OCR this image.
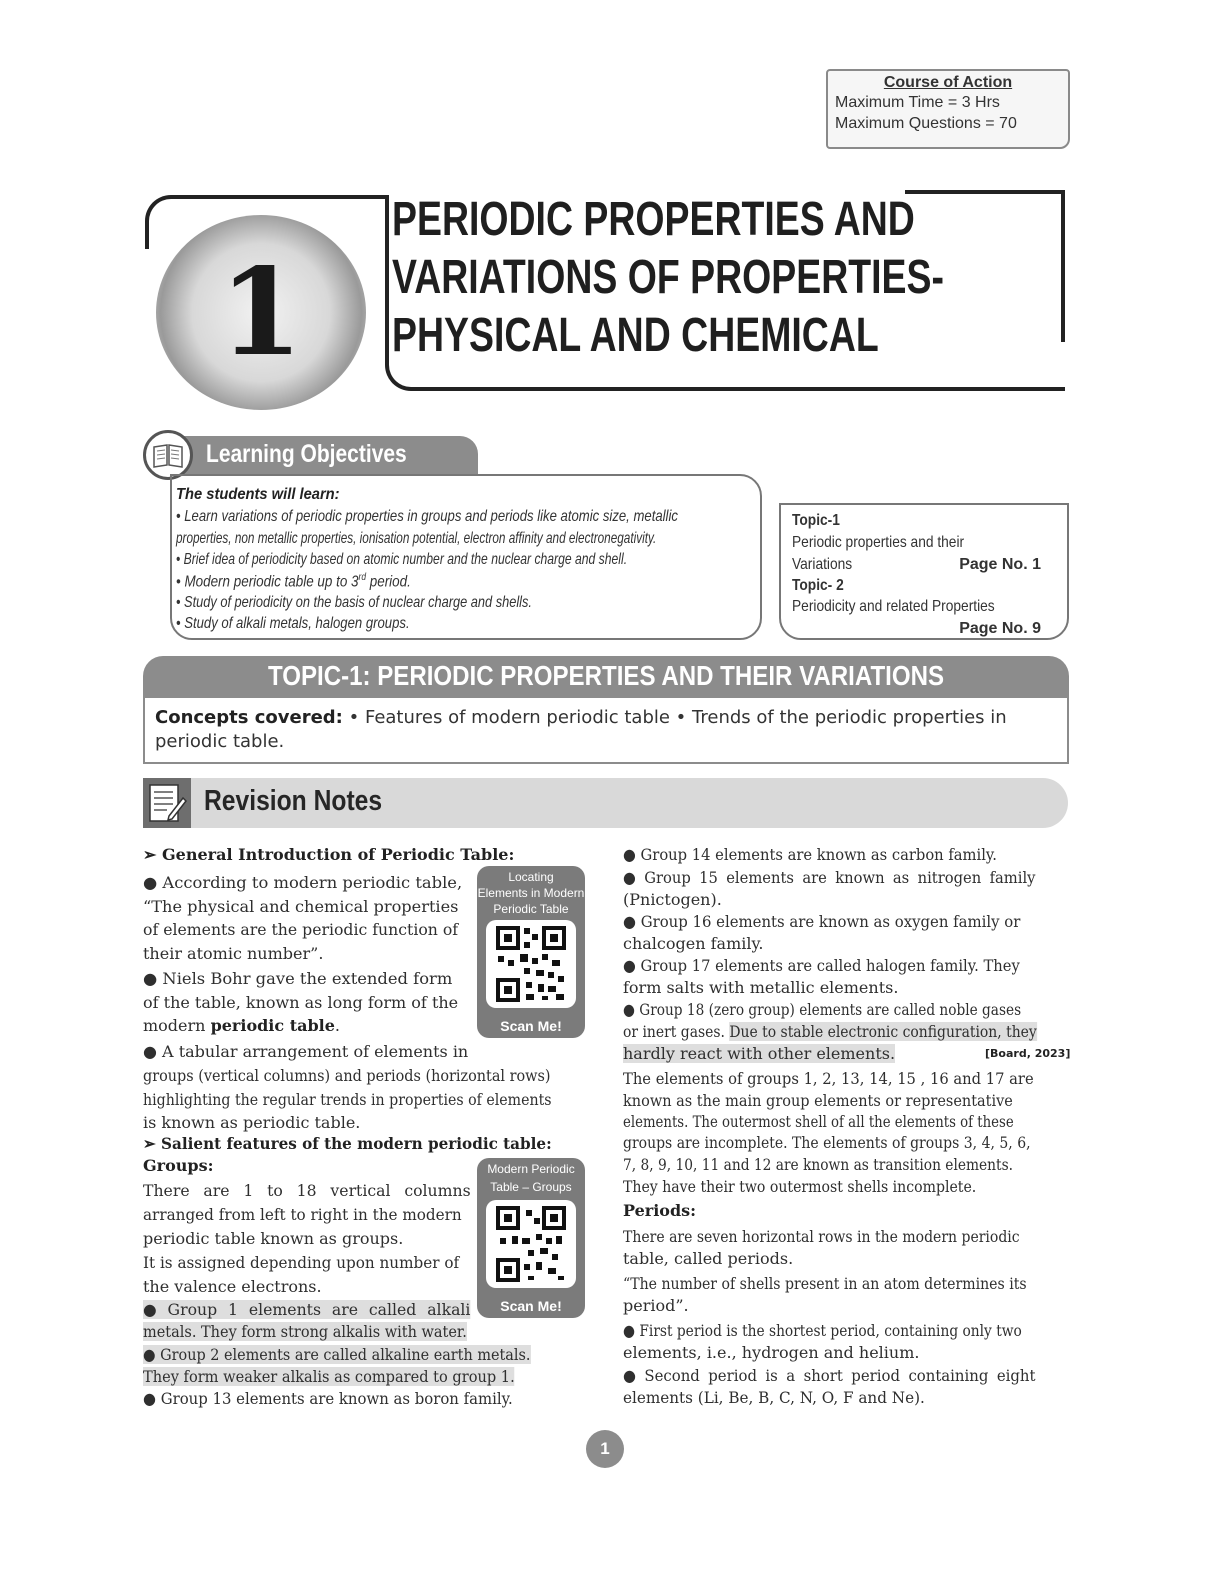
Course of Action
Maximum Time = 3 Hrs
Maximum Questions = 70
1
PERIODIC PROPERTIES AND
VARIATIONS OF PROPERTIES-
PHYSICAL AND CHEMICAL
Learning Objectives
The students will learn:
• Learn variations of periodic properties in groups and periods like atomic size, metallic
properties, non metallic properties, ionisation potential, electron affinity and electronegativity.
• Brief idea of periodicity based on atomic number and the nuclear charge and shell.
• Modern periodic table up to 3rd period.
• Study of periodicity on the basis of nuclear charge and shells.
• Study of alkali metals, halogen groups.
Topic-1
Periodic properties and their
Variations	Page No. 1
Topic- 2
Periodicity and related Properties
Page No. 9
TOPIC-1: PERIODIC PROPERTIES AND THEIR VARIATIONS
Concepts covered: • Features of modern periodic table • Trends of the periodic properties in
periodic table.
Revision Notes
Locating
Elements in Modern
Periodic Table
Scan Me!
Modern Periodic
Table – Groups
Scan Me!
➢ General Introduction of Periodic Table:
● According to modern periodic table,
“The physical and chemical properties
of elements are the periodic function of
their atomic number”.
● Niels Bohr gave the extended form
of the table, known as long form of the
modern periodic table.
● A tabular arrangement of elements in
groups (vertical columns) and periods (horizontal rows)
highlighting the regular trends in properties of elements
is known as periodic table.
➢ Salient features of the modern periodic table:
Groups:
There are 1 to 18 vertical columns
arranged from left to right in the modern
periodic table known as groups.
It is assigned depending upon number of
the valence electrons.
● Group 1 elements are called alkali
metals. They form strong alkalis with water.
● Group 2 elements are called alkaline earth metals.
They form weaker alkalis as compared to group 1.
● Group 13 elements are known as boron family.
● Group 14 elements are known as carbon family.
● Group 15 elements are known as nitrogen family
(Pnictogen).
● Group 16 elements are known as oxygen family or
chalcogen family.
● Group 17 elements are called halogen family. They
form salts with metallic elements.
● Group 18 (zero group) elements are called noble gases
or inert gases. Due to stable electronic configuration, they
hardly react with other elements.	[Board, 2023]
The elements of groups 1, 2, 13, 14, 15 , 16 and 17 are
known as the main group elements or representative
elements. The outermost shell of all the elements of these
groups are incomplete. The elements of groups 3, 4, 5, 6,
7, 8, 9, 10, 11 and 12 are known as transition elements.
They have their two outermost shells incomplete.
Periods:
There are seven horizontal rows in the modern periodic
table, called periods.
“The number of shells present in an atom determines its
period”.
● First period is the shortest period, containing only two
elements, i.e., hydrogen and helium.
● Second period is a short period containing eight
elements (Li, Be, B, C, N, O, F and Ne).
1
